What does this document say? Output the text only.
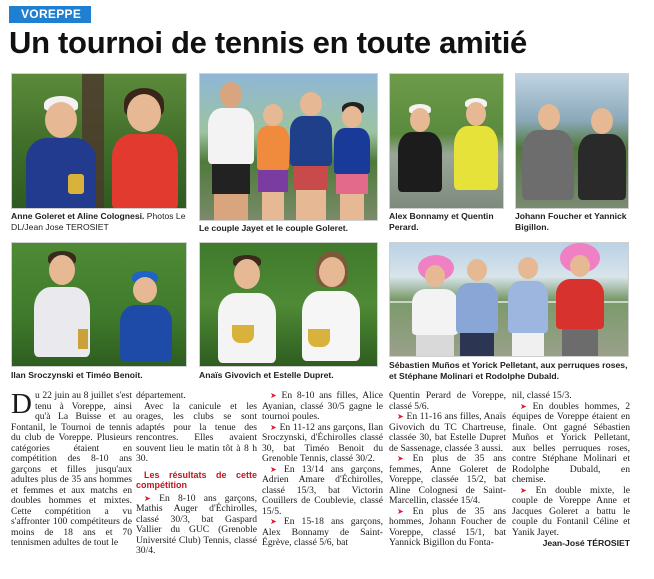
VOREPPE
Un tournoi de tennis en toute amitié
Anne Goleret et Aline Colognesi. Photos Le DL/Jean Jose TEROSIET	Le couple Jayet et le couple Goleret.
Alex Bonnamy et Quentin Perard.
Johann Foucher et Yannick Bigillon.
Ilan Sroczynski et Timéo Benoit.	Anaïs Givovich et Estelle Dupret.
Sébastien Muños et Yorick Pelletant, aux perruques roses, et Stéphane Molinari et Rodolphe Dubald.

Du 22 juin au 8 juillet s'est tenu à Voreppe, ainsi qu'à La Buisse et au Fontanil, le Tournoi de tennis du club de Voreppe. Plusieurs catégories étaient en compétition des 8-10 ans garçons et filles jusqu'aux adultes plus de 35 ans hommes et femmes et aux matchs en doubles hommes et mixtes. Cette compétition a vu s'affronter 100 compétiteurs de moins de 18 ans et 70 tennismen adultes de tout le

département.

Avec la canicule et les orages, les clubs se sont adaptés pour la tenue des rencontres. Elles avaient souvent lieu le matin tôt à 8 h 30.

Les résultats de cette compétition

➤ En 8-10 ans garçons, Mathis Auger d'Échirolles, classé 30/3, bat Gaspard Vallier du GUC (Grenoble Université Club) Tennis, classé 30/4.

➤ En 8-10 ans filles, Alice Ayanian, classé 30/5 gagne le tournoi poules.

➤ En 11-12 ans garçons, Ilan Sroczynski, d'Échirolles classé 30, bat Timéo Benoit du Grenoble Tennis, classé 30/2.

➤ En 13/14 ans garçons, Adrien Amare d'Échirolles, classé 15/3, bat Victorin Couillers de Coublevie, classé 15/5.

➤ En 15-18 ans garçons, Alex Bonnamy de Saint-Égrève, classé 5/6, bat

Quentin Perard de Voreppe, classé 5/6.

➤ En 11-16 ans filles, Anaïs Givovich du TC Chartreuse, classée 30, bat Estelle Dupret de Sassenage, classée 3 aussi.

➤ En plus de 35 ans femmes, Anne Goleret de Voreppe, classée 15/2, bat Aline Colognesi de Saint-Marcellin, classée 15/4.

➤ En plus de 35 ans hommes, Johann Foucher de Voreppe, classé 15/1, bat Yannick Bigillon du Fonta-

nil, classé 15/3.

➤ En doubles hommes, 2 équipes de Voreppe étaient en finale. Ont gagné Sébastien Muños et Yorick Pelletant, aux belles perruques roses, contre Stéphane Molinari et Rodolphe Dubald, en chemise.

➤ En double mixte, le couple de Voreppe Anne et Jacques Goleret a battu le couple du Fontanil Céline et Yanik Jayet.

Jean-José TÉROSIET
